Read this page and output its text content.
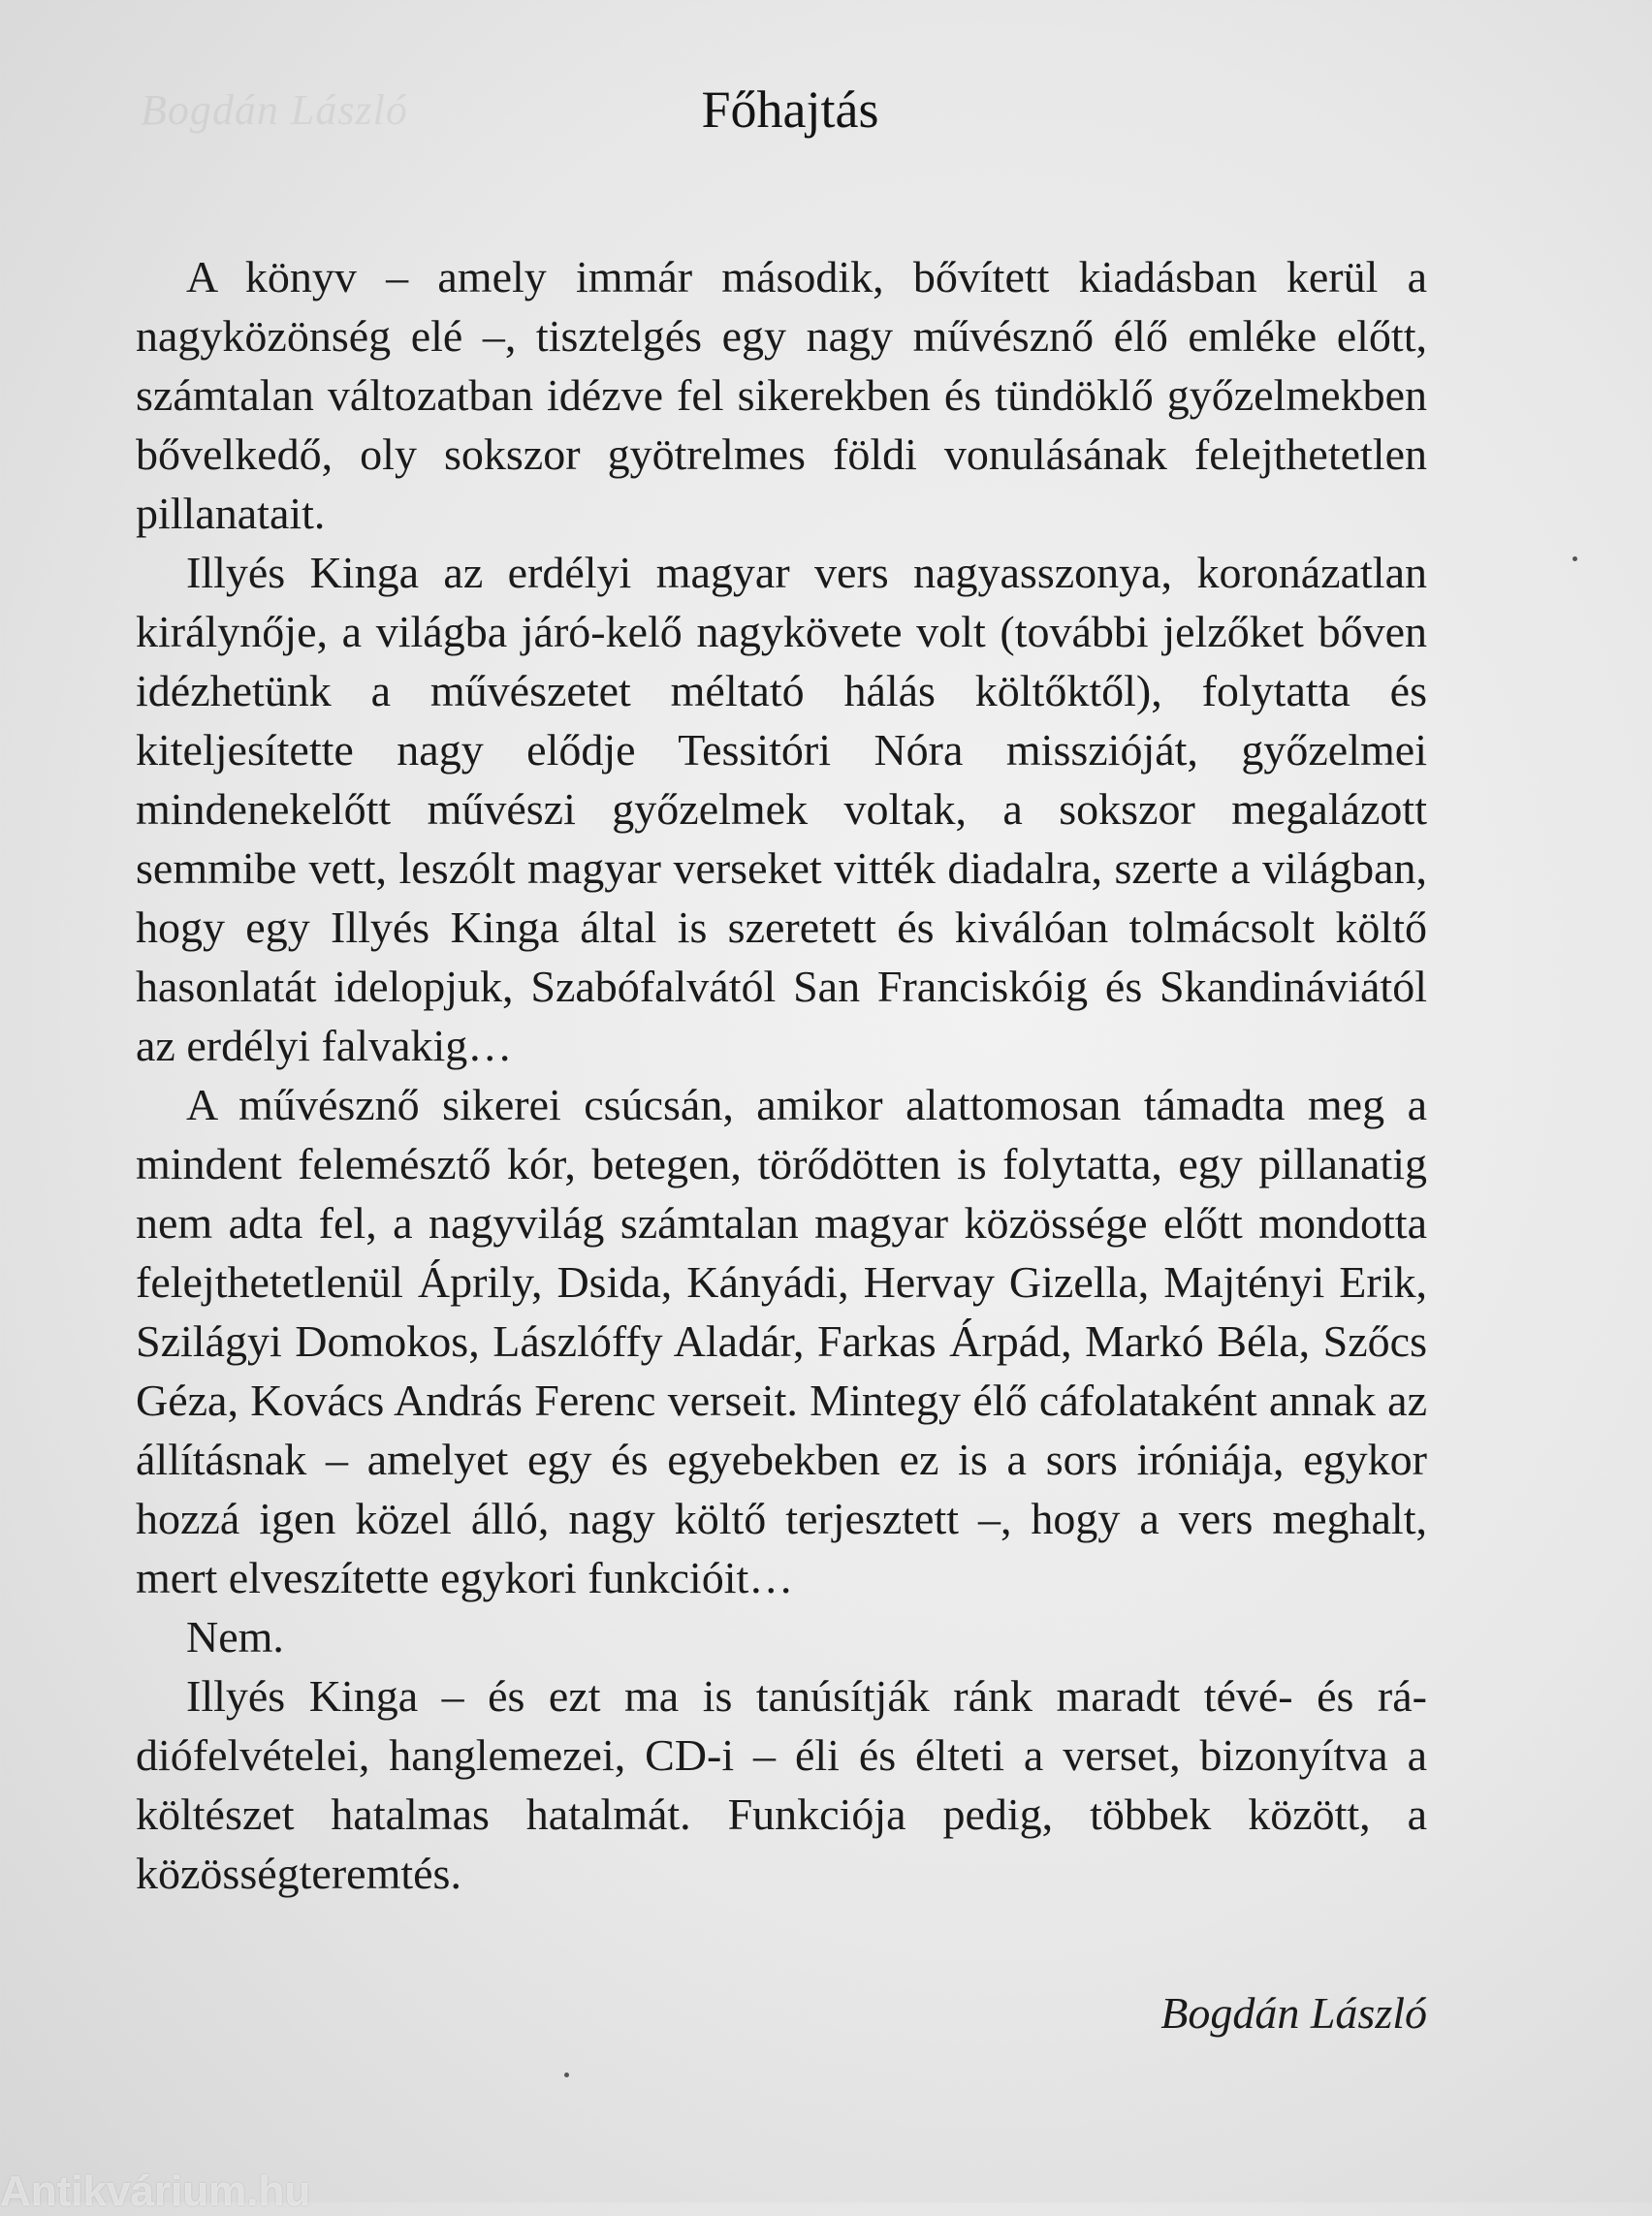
Bogdán László	Főhajtás

A könyv – amely immár második, bővített kiadásban kerül a nagyközönség elé –, tisztelgés egy nagy művésznő élő emléke előtt, számtalan változatban idézve fel sikerekben és tündöklő győzelmekben bővelkedő, oly sokszor gyötrelmes földi vonulásának felejthetetlen pillanatait.

Illyés Kinga az erdélyi magyar vers nagyasszonya, koronázatlan királynője, a világba járó-kelő nagykövete volt (további jelzőket bőven idézhetünk a művészetet méltató hálás költőktől), folytatta és kiteljesítette nagy elődje Tessitóri Nóra misszióját, győzelmei mindenekelőtt művészi győzelmek voltak, a sokszor megalázott semmibe vett, leszólt magyar verseket vitték diadalra, szerte a világban, hogy egy Illyés Kinga által is szeretett és kiválóan tolmácsolt költő hasonlatát idelopjuk, Szabófalvától San Franciskóig és Skandináviától az erdélyi falvakig…

A művésznő sikerei csúcsán, amikor alattomosan támadta meg a mindent felemésztő kór, betegen, törődötten is folytatta, egy pillanatig nem adta fel, a nagyvilág számtalan magyar közössége előtt mondotta felejthetetlenül Áprily, Dsida, Kányádi, Hervay Gizella, Majtényi Erik, Szilágyi Domokos, Lászlóffy Aladár, Farkas Árpád, Markó Béla, Szőcs Géza, Kovács András Ferenc verseit. Mintegy élő cáfolataként annak az állításnak – amelyet egy és egyebekben ez is a sors iróniája, egykor hozzá igen közel álló, nagy költő terjesztett –, hogy a vers meghalt, mert elveszítette egykori funkcióit…

Nem.

Illyés Kinga – és ezt ma is tanúsítják ránk maradt tévé- és rádiófelvételei, hanglemezei, CD-i – éli és élteti a verset, bizonyítva a költészet hatalmas hatalmát. Funkciója pedig, többek között, a közösségteremtés.

Bogdán László
Antikvárium.hu
